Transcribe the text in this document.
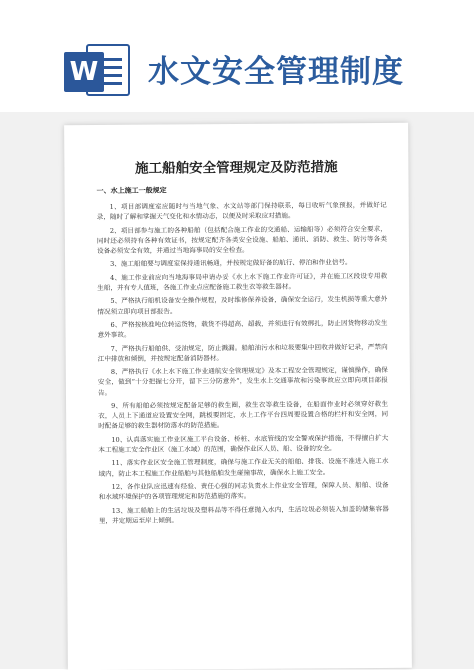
W 水文安全管理制度
施工船舶安全管理规定及防范措施
一、水上施工一般规定

1、项目部调度室应随时与当地气象、水文站等部门保持联系，每日收听气象预报，并做好记录，随时了解和掌握天气变化和水情动态，以便及时采取应对措施。

2、项目部参与施工的各种船舶（包括配合施工作业的交通船、运输船等）必须符合安全要求，同时还必须持有各种有效证书，按规定配齐各类安全设施、船舶、通讯、消防、救生、防污等各类设备必须安全有效，并通过当地海事局的安全检查。

3、施工船舶要与调度室保持通讯畅通，并按规定做好备的航行、停泊和作业信号。

4、施工作业前应向当地海事局申请办妥《水上水下施工作业许可证》，并在施工区段设专用救生船，并有专人值班，各施工作业点应配备施工救生衣等救生器材。

5、严格执行船机设备安全操作规程，及时维修保养设备，确保安全运行，发生机损等重大意外情况须立即向项目部报告。

6、严格按核准吨位转运货物，载货不得超高、超载，并须进行有效绑扎，防止因货物移动发生意外事故。

7、严格执行船舶供、受油规定，防止溅漏。船舶油污水和垃圾要集中回收并做好记录，严禁向江中排放和倾倒，并按规定配备消防器材。

8、严格执行《水上水下施工作业通航安全管理规定》及本工程安全管理规定，谨慎操作，确保安全，做到“十分把握七分开，留下三分防意外”，发生水上交通事故和污染事故应立即向项目部报告。

9、所有船舶必须按规定配备足够的救生圈，救生衣等救生设备，在船面作业时必须穿好救生衣，人员上下通道应设置安全网，跳板要固定，水上工作平台四周要设置合格的栏杆和安全网，同时配备足够的救生器材防落水的防范措施。

10、认真落实施工作业区施工平台设备、桥桩、水底管线的安全警戒保护措施，不得擅自扩大本工程施工安全作业区（施工水域）的范围，确保作业区人员、船、设备的安全。

11、落实作业区安全施工管理制度，确保与施工作业无关的船舶、排筏、设施不准进入施工水域内，防止本工程施工作业船舶与其他船舶发生碰撞事故，确保水上施工安全。

12、各作业队应迅速有经验、责任心强的同志负责水上作业安全管理，保障人员、船舶、设备和水域环境保护的各项管理规定和防范措施的落实。

13、施工船舶上的生活垃圾及塑料品等不得任意抛入水内，生活垃圾必须装入加盖的储集容器里，并定期运至岸上倾倒。
